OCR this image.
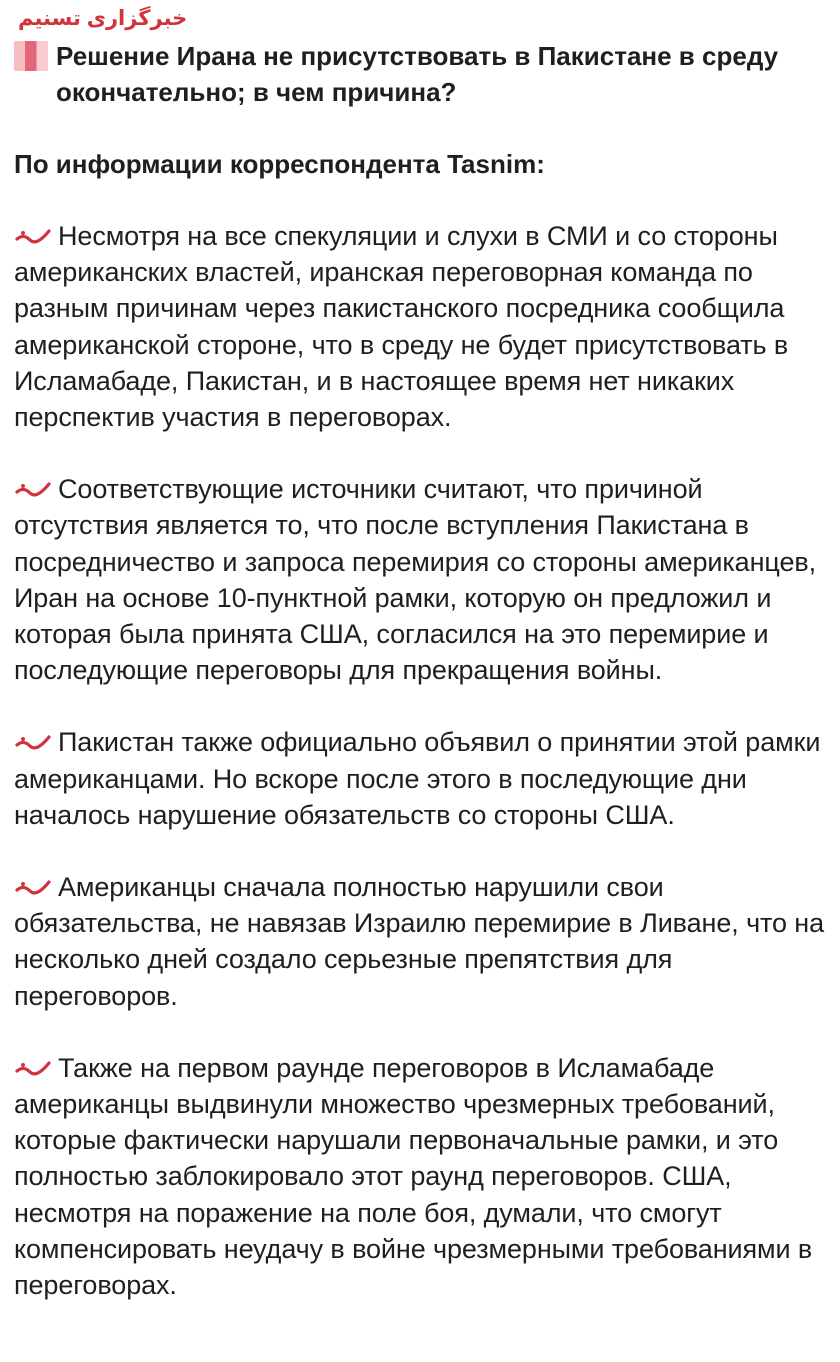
خبرگزاری تسنیم
Решение Ирана не присутствовать в Пакистане в среду окончательно; в чем причина?
По информации корреспондента Tasnim:
Несмотря на все спекуляции и слухи в СМИ и со стороны американских властей, иранская переговорная команда по разным причинам через пакистанского посредника сообщила американской стороне, что в среду не будет присутствовать в Исламабаде, Пакистан, и в настоящее время нет никаких перспектив участия в переговорах.
Соответствующие источники считают, что причиной отсутствия является то, что после вступления Пакистана в посредничество и запроса перемирия со стороны американцев, Иран на основе 10-пунктной рамки, которую он предложил и которая была принята США, согласился на это перемирие и последующие переговоры для прекращения войны.
Пакистан также официально объявил о принятии этой рамки американцами. Но вскоре после этого в последующие дни началось нарушение обязательств со стороны США.
Американцы сначала полностью нарушили свои обязательства, не навязав Израилю перемирие в Ливане, что на несколько дней создало серьезные препятствия для переговоров.
Также на первом раунде переговоров в Исламабаде американцы выдвинули множество чрезмерных требований, которые фактически нарушали первоначальные рамки, и это полностью заблокировало этот раунд переговоров. США, несмотря на поражение на поле боя, думали, что смогут компенсировать неудачу в войне чрезмерными требованиями в переговорах.
